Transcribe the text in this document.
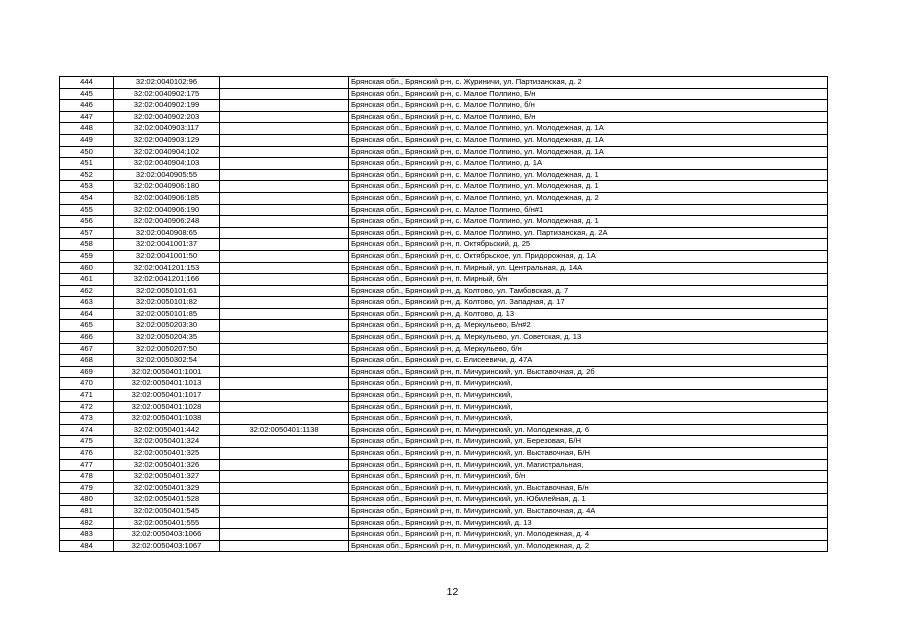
444	32:02:0040102:96		Брянская обл., Брянский р-н, с. Журиничи, ул. Партизанская, д. 2
445	32:02:0040902:175		Брянская обл., Брянский р-н, с. Малое Полпино, Б/н
446	32:02:0040902:199		Брянская обл., Брянский р-н, с. Малое Полпино, б/н
447	32:02:0040902:203		Брянская обл., Брянский р-н, с. Малое Полпино, Б/н
448	32:02:0040903:117		Брянская обл., Брянский р-н, с. Малое Полпино, ул. Молодежная, д. 1А
449	32:02:0040903:129		Брянская обл., Брянский р-н, с. Малое Полпино, ул. Молодежная, д. 1А
450	32:02:0040904:102		Брянская обл., Брянский р-н, с. Малое Полпино, ул. Молодежная, д. 1А
451	32:02:0040904:103		Брянская обл., Брянский р-н, с. Малое Полпино, д. 1А
452	32:02:0040905:55		Брянская обл., Брянский р-н, с. Малое Полпино, ул. Молодежная, д. 1
453	32:02:0040906:180		Брянская обл., Брянский р-н, с. Малое Полпино, ул. Молодежная, д. 1
454	32:02:0040906:185		Брянская обл., Брянский р-н, с. Малое Полпино, ул. Молодежная, д. 2
455	32:02:0040906:190		Брянская обл., Брянский р-н, с. Малое Полпино, б/н#1
456	32:02:0040906:248		Брянская обл., Брянский р-н, с. Малое Полпино, ул. Молодежная, д. 1
457	32:02:0040908:65		Брянская обл., Брянский р-н, с. Малое Полпино, ул. Партизанская, д. 2А
458	32:02:0041001:37		Брянская обл., Брянский р-н, п. Октябрьский, д. 25
459	32:02:0041001:50		Брянская обл., Брянский р-н, с. Октябрьское, ул. Придорожная, д. 1А
460	32:02:0041201:153		Брянская обл., Брянский р-н, п. Мирный, ул. Центральная, д. 14А
461	32:02:0041201:166		Брянская обл., Брянский р-н, п. Мирный, б/н
462	32:02:0050101:61		Брянская обл., Брянский р-н, д. Колтово, ул. Тамбовская, д. 7
463	32:02:0050101:82		Брянская обл., Брянский р-н, д. Колтово, ул. Западная, д. 17
464	32:02:0050101:85		Брянская обл., Брянский р-н, д. Колтово, д. 13
465	32:02:0050203:30		Брянская обл., Брянский р-н, д. Меркульево, Б/н#2
466	32:02:0050204:35		Брянская обл., Брянский р-н, д. Меркульево, ул. Советская, д. 13
467	32:02:0050207:50		Брянская обл., Брянский р-н, д. Меркульево, б/н
468	32:02:0050302:54		Брянская обл., Брянский р-н, с. Елисеевичи, д. 47А
469	32:02:0050401:1001		Брянская обл., Брянский р-н, п. Мичуринский, ул. Выставочная, д. 2б
470	32:02:0050401:1013		Брянская обл., Брянский р-н, п. Мичуринский,
471	32:02:0050401:1017		Брянская обл., Брянский р-н, п. Мичуринский,
472	32:02:0050401:1028		Брянская обл., Брянский р-н, п. Мичуринский,
473	32:02:0050401:1038		Брянская обл., Брянский р-н, п. Мичуринский,
474	32:02:0050401:442	32:02:0050401:1138	Брянская обл., Брянский р-н, п. Мичуринский, ул. Молодежная, д. 6
475	32:02:0050401:324		Брянская обл., Брянский р-н, п. Мичуринский, ул. Березовая, Б/Н
476	32:02:0050401:325		Брянская обл., Брянский р-н, п. Мичуринский, ул. Выставочная, Б/Н
477	32:02:0050401:326		Брянская обл., Брянский р-н, п. Мичуринский, ул. Магистральная,
478	32:02:0050401:327		Брянская обл., Брянский р-н, п. Мичуринский, б/н
479	32:02:0050401:329		Брянская обл., Брянский р-н, п. Мичуринский, ул. Выставочная, Б/н
480	32:02:0050401:528		Брянская обл., Брянский р-н, п. Мичуринский, ул. Юбилейная, д. 1
481	32:02:0050401:545		Брянская обл., Брянский р-н, п. Мичуринский, ул. Выставочная, д. 4А
482	32:02:0050401:555		Брянская обл., Брянский р-н, п. Мичуринский, д. 13
483	32:02:0050403:1066		Брянская обл., Брянский р-н, п. Мичуринский, ул. Молодежная, д. 4
484	32:02:0050403:1067		Брянская обл., Брянский р-н, п. Мичуринский, ул. Молодежная, д. 2
12
